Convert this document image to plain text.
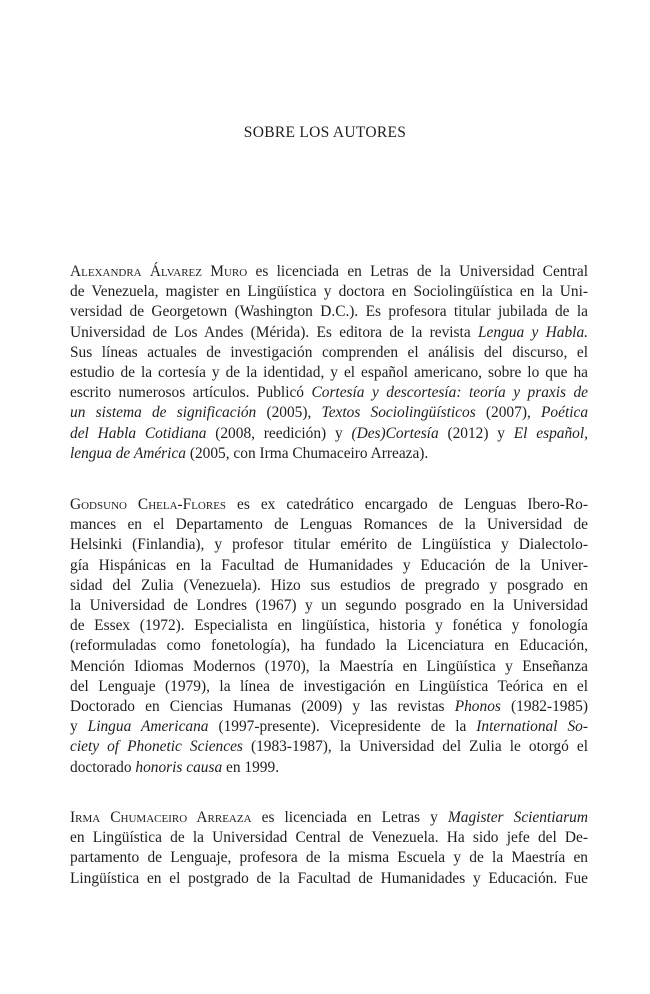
SOBRE LOS AUTORES
Alexandra Álvarez Muro es licenciada en Letras de la Universidad Central
de Venezuela, magister en Lingüística y doctora en Sociolingüística en la Uni-
versidad de Georgetown (Washington D.C.). Es profesora titular jubilada de la
Universidad de Los Andes (Mérida). Es editora de la revista Lengua y Habla.
Sus líneas actuales de investigación comprenden el análisis del discurso, el
estudio de la cortesía y de la identidad, y el español americano, sobre lo que ha
escrito numerosos artículos. Publicó Cortesía y descortesía: teoría y praxis de
un sistema de significación (2005), Textos Sociolingüísticos (2007), Poética
del Habla Cotidiana (2008, reedición) y (Des)Cortesía (2012) y El español,
lengua de América (2005, con Irma Chumaceiro Arreaza).
Godsuno Chela-Flores es ex catedrático encargado de Lenguas Ibero-Ro-
mances en el Departamento de Lenguas Romances de la Universidad de
Helsinki (Finlandia), y profesor titular emérito de Lingüística y Dialectolo-
gía Hispánicas en la Facultad de Humanidades y Educación de la Univer-
sidad del Zulia (Venezuela). Hizo sus estudios de pregrado y posgrado en
la Universidad de Londres (1967) y un segundo posgrado en la Universidad
de Essex (1972). Especialista en lingüística, historia y fonética y fonología
(reformuladas como fonetología), ha fundado la Licenciatura en Educación,
Mención Idiomas Modernos (1970), la Maestría en Lingüística y Enseñanza
del Lenguaje (1979), la línea de investigación en Lingüística Teórica en el
Doctorado en Ciencias Humanas (2009) y las revistas Phonos (1982-1985)
y Lingua Americana (1997-presente). Vicepresidente de la International So-
ciety of Phonetic Sciences (1983-1987), la Universidad del Zulia le otorgó el
doctorado honoris causa en 1999.
Irma Chumaceiro Arreaza es licenciada en Letras y Magister Scientiarum
en Lingüística de la Universidad Central de Venezuela. Ha sido jefe del De-
partamento de Lenguaje, profesora de la misma Escuela y de la Maestría en
Lingüística en el postgrado de la Facultad de Humanidades y Educación. Fue
